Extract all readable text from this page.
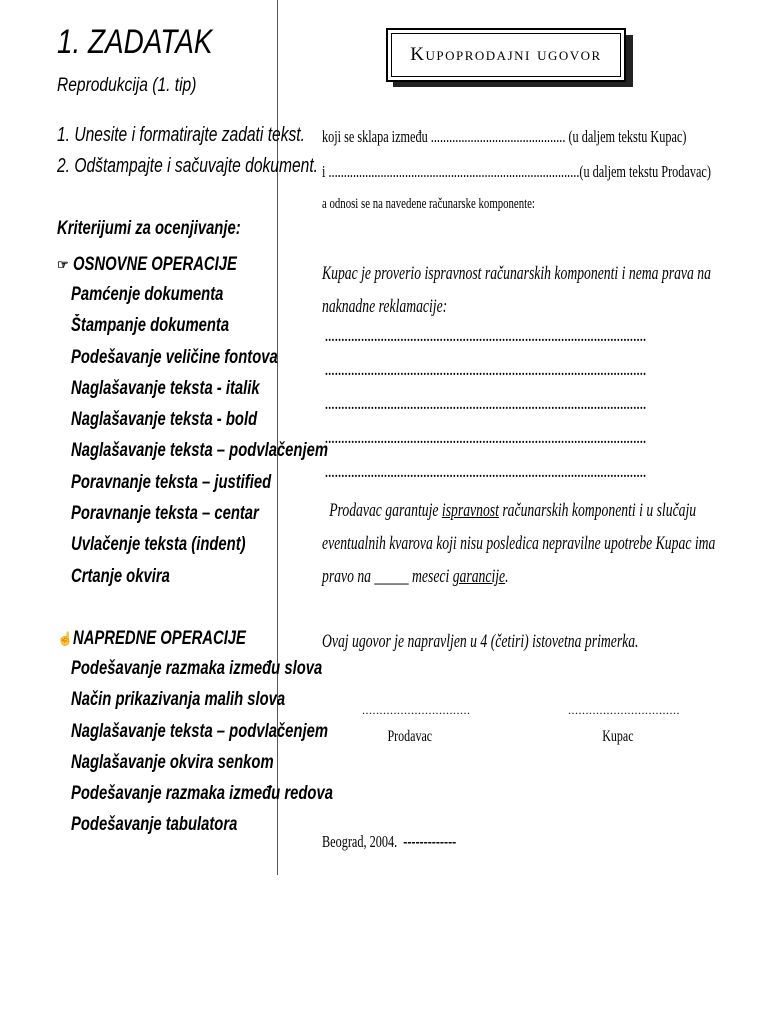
1. ZADATAK
Reprodukcija (1. tip)
1. Unesite i formatirajte zadati tekst.
2. Odštampajte i sačuvajte dokument.
Kriterijumi za ocenjivanje:
☞ OSNOVNE OPERACIJE
Pamćenje dokumenta
Štampanje dokumenta
Podešavanje veličine fontova
Naglašavanje teksta - italik
Naglašavanje teksta - bold
Naglašavanje teksta – podvlačenjem
Poravnanje teksta – justified
Poravnanje teksta – centar
Uvlačenje teksta (indent)
Crtanje okvira
☝ NAPREDNE OPERACIJE
Podešavanje razmaka između slova
Način prikazivanja malih slova
Naglašavanje teksta – podvlačenjem
Naglašavanje okvira senkom
Podešavanje razmaka između redova
Podešavanje tabulatora
Kupoprodajni ugovor
koji se sklapa između ............................................ (u daljem tekstu Kupac)
i ..................................................................................(u daljem tekstu Prodavac)
a odnosi se na navedene računarske komponente:
Kupac je proverio ispravnost računarskih komponenti i nema prava na
naknadne reklamacije:
..................................................................................................
..................................................................................................
..................................................................................................
..................................................................................................
..................................................................................................
Prodavac garantuje ispravnost računarskih komponenti i u slučaju
eventualnih kvarova koji nisu posledica nepravilne upotrebe Kupac ima
pravo na _____ meseci garancije.
Ovaj ugovor je napravljen u 4 (četiri) istovetna primerka.
...............................
Prodavac
................................
Kupac
Beograd, 2004. -------------
